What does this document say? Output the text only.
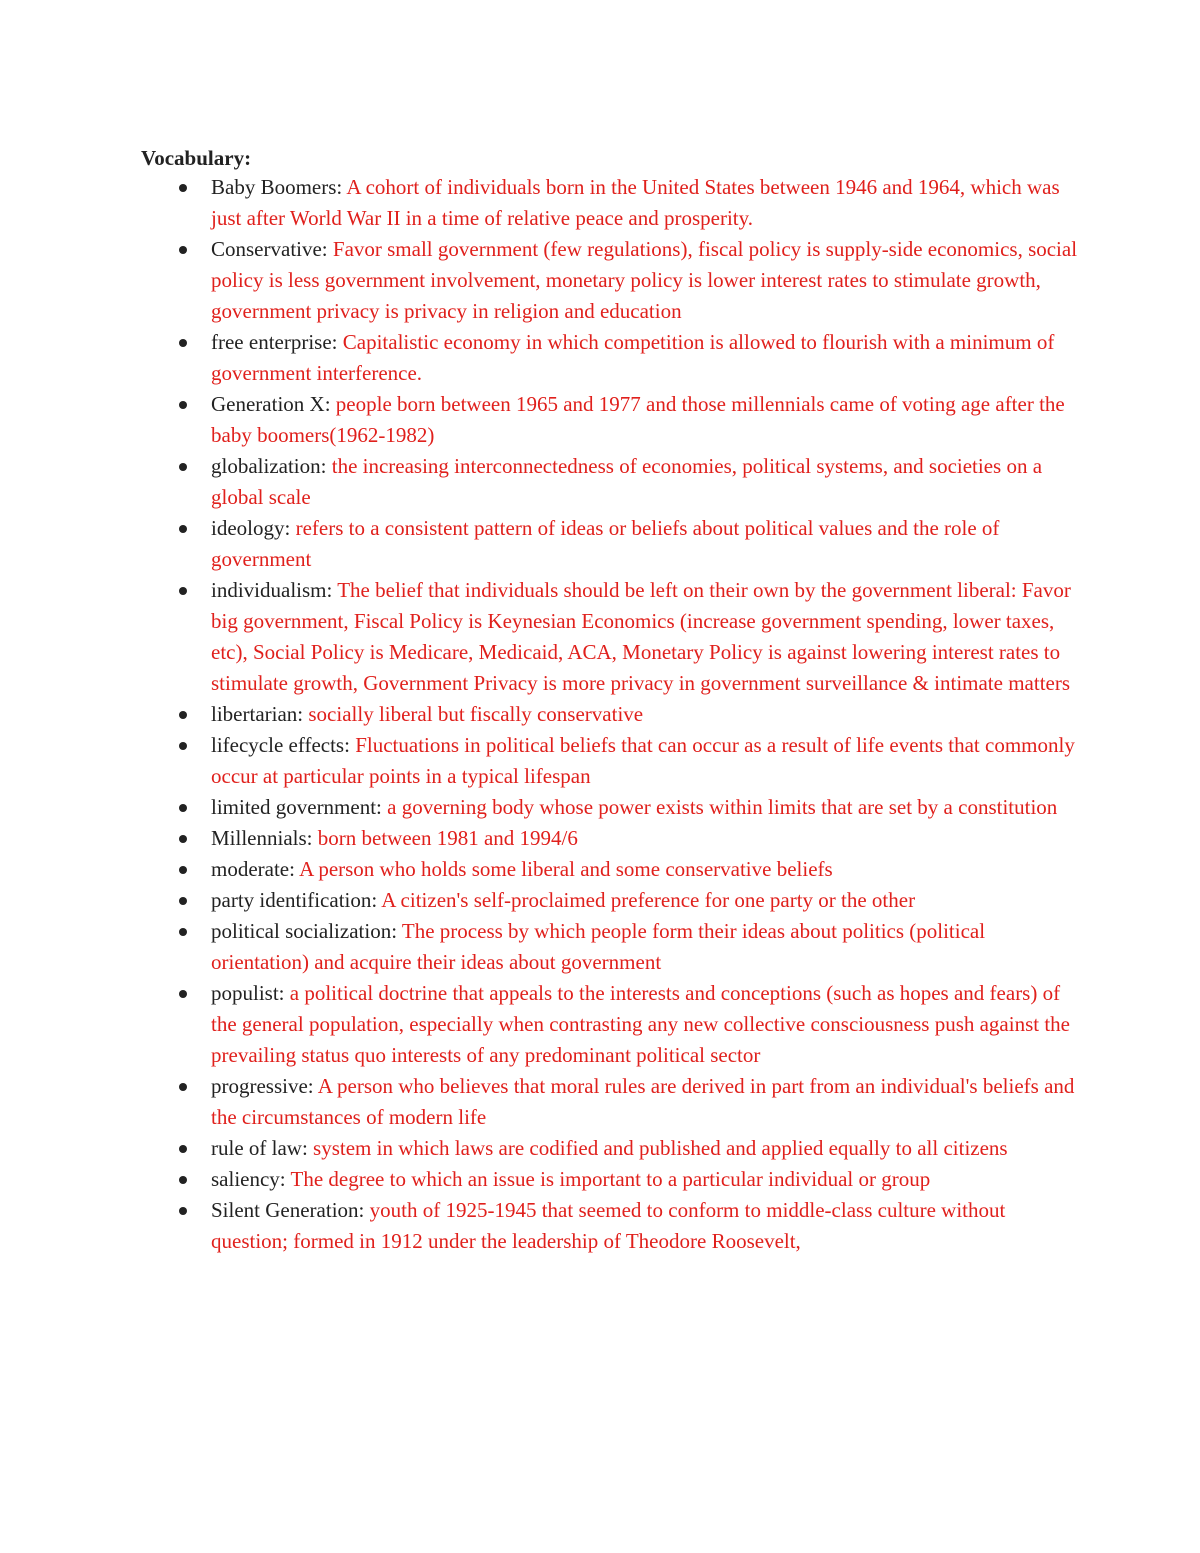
Vocabulary:

Baby Boomers: A cohort of individuals born in the United States between 1946 and 1964, which was just after World War II in a time of relative peace and prosperity.
Conservative: Favor small government (few regulations), fiscal policy is supply-side economics, social policy is less government involvement, monetary policy is lower interest rates to stimulate growth, government privacy is privacy in religion and education
free enterprise: Capitalistic economy in which competition is allowed to flourish with a minimum of government interference.
Generation X: people born between 1965 and 1977 and those millennials came of voting age after the baby boomers(1962-1982)
globalization: the increasing interconnectedness of economies, political systems, and societies on a global scale
ideology: refers to a consistent pattern of ideas or beliefs about political values and the role of government
individualism: The belief that individuals should be left on their own by the government liberal: Favor big government, Fiscal Policy is Keynesian Economics (increase government spending, lower taxes, etc), Social Policy is Medicare, Medicaid, ACA, Monetary Policy is against lowering interest rates to stimulate growth, Government Privacy is more privacy in government surveillance & intimate matters
libertarian: socially liberal but fiscally conservative
lifecycle effects: Fluctuations in political beliefs that can occur as a result of life events that commonly occur at particular points in a typical lifespan
limited government: a governing body whose power exists within limits that are set by a constitution
Millennials: born between 1981 and 1994/6
moderate: A person who holds some liberal and some conservative beliefs
party identification: A citizen's self-proclaimed preference for one party or the other
political socialization: The process by which people form their ideas about politics (political orientation) and acquire their ideas about government
populist: a political doctrine that appeals to the interests and conceptions (such as hopes and fears) of the general population, especially when contrasting any new collective consciousness push against the prevailing status quo interests of any predominant political sector
progressive: A person who believes that moral rules are derived in part from an individual's beliefs and the circumstances of modern life
rule of law: system in which laws are codified and published and applied equally to all citizens
saliency: The degree to which an issue is important to a particular individual or group
Silent Generation: youth of 1925-1945 that seemed to conform to middle-class culture without question; formed in 1912 under the leadership of Theodore Roosevelt,
